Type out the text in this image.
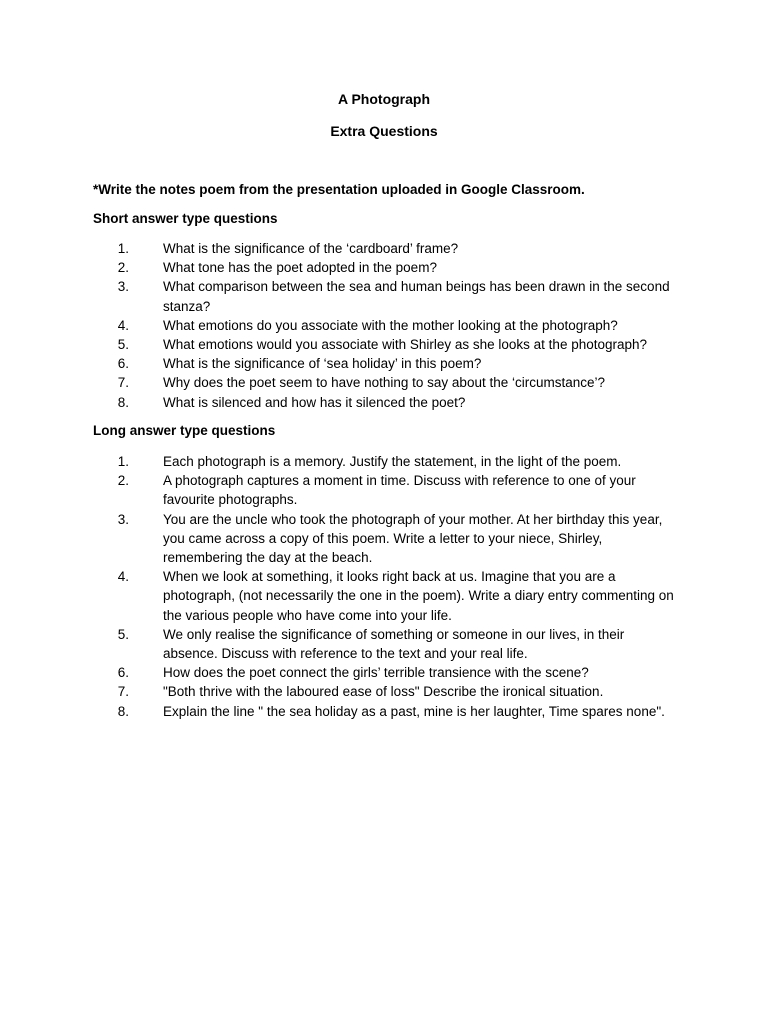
A Photograph
Extra Questions
*Write the notes poem from the presentation uploaded in Google Classroom.
Short answer type questions
1.	What is the significance of the ‘cardboard’ frame?
2.	What tone has the poet adopted in the poem?
3.	What comparison between the sea and human beings has been drawn in the second stanza?
4.	What emotions do you associate with the mother looking at the photograph?
5.	What emotions would you associate with Shirley as she looks at the photograph?
6.	What is the significance of ‘sea holiday’ in this poem?
7.	Why does the poet seem to have nothing to say about the ‘circumstance’?
8.	What is silenced and how has it silenced the poet?
Long answer type questions
1.	Each photograph is a memory. Justify the statement, in the light of the poem.
2.	A photograph captures a moment in time. Discuss with reference to one of your favourite photographs.
3.	You are the uncle who took the photograph of your mother. At her birthday this year, you came across a copy of this poem. Write a letter to your niece, Shirley, remembering the day at the beach.
4.	When we look at something, it looks right back at us. Imagine that you are a photograph, (not necessarily the one in the poem). Write a diary entry commenting on the various people who have come into your life.
5.	We only realise the significance of something or someone in our lives, in their absence. Discuss with reference to the text and your real life.
6.	How does the poet connect the girls’ terrible transience with the scene?
7.	"Both thrive with the laboured ease of loss" Describe the ironical situation.
8.	Explain the line " the sea holiday as a past, mine is her laughter, Time spares none".
